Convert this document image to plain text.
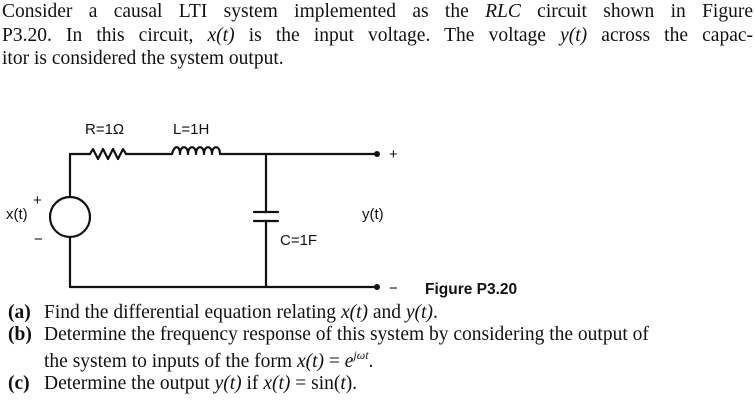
Consider a causal LTI system implemented as the RLC circuit shown in Figure
P3.20. In this circuit, x(t) is the input voltage. The voltage y(t) across the capac-
itor is considered the system output.
R=1Ω	L=1H
C=1F
x(t)
+
−
y(t)
+
− Figure P3.20
(a) Find the differential equation relating x(t) and y(t).
(b) Determine the frequency response of this system by considering the output of
the system to inputs of the form $x(t) = e^{j\omega t}$.
(c) Determine the output y(t) if x(t) = sin(t).
